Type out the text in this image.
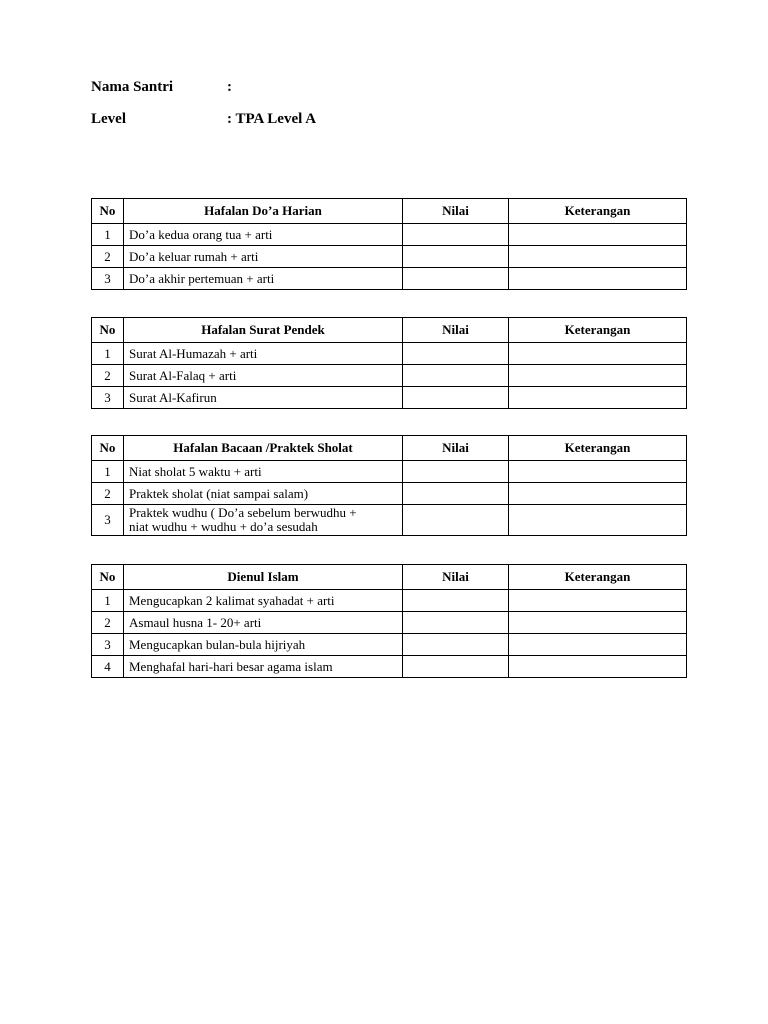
Nama Santri	:
Level	: TPA Level A
No	Hafalan Do’a Harian	Nilai	Keterangan
1	Do’a kedua orang tua + arti		
2	Do’a keluar rumah + arti		
3	Do’a akhir pertemuan + arti		
No	Hafalan Surat Pendek	Nilai	Keterangan
1	Surat Al-Humazah + arti		
2	Surat Al-Falaq + arti		
3	Surat Al-Kafirun		
No	Hafalan Bacaan /Praktek Sholat	Nilai	Keterangan
1	Niat sholat 5 waktu + arti		
2	Praktek sholat (niat sampai salam)		
3	Praktek wudhu ( Do’a sebelum berwudhu +
niat wudhu + wudhu + do’a sesudah		

No	Dienul Islam	Nilai	Keterangan
1	Mengucapkan 2 kalimat syahadat + arti		
2	Asmaul husna 1- 20+ arti		
3	Mengucapkan bulan-bula hijriyah		
4	Menghafal hari-hari besar agama islam		
